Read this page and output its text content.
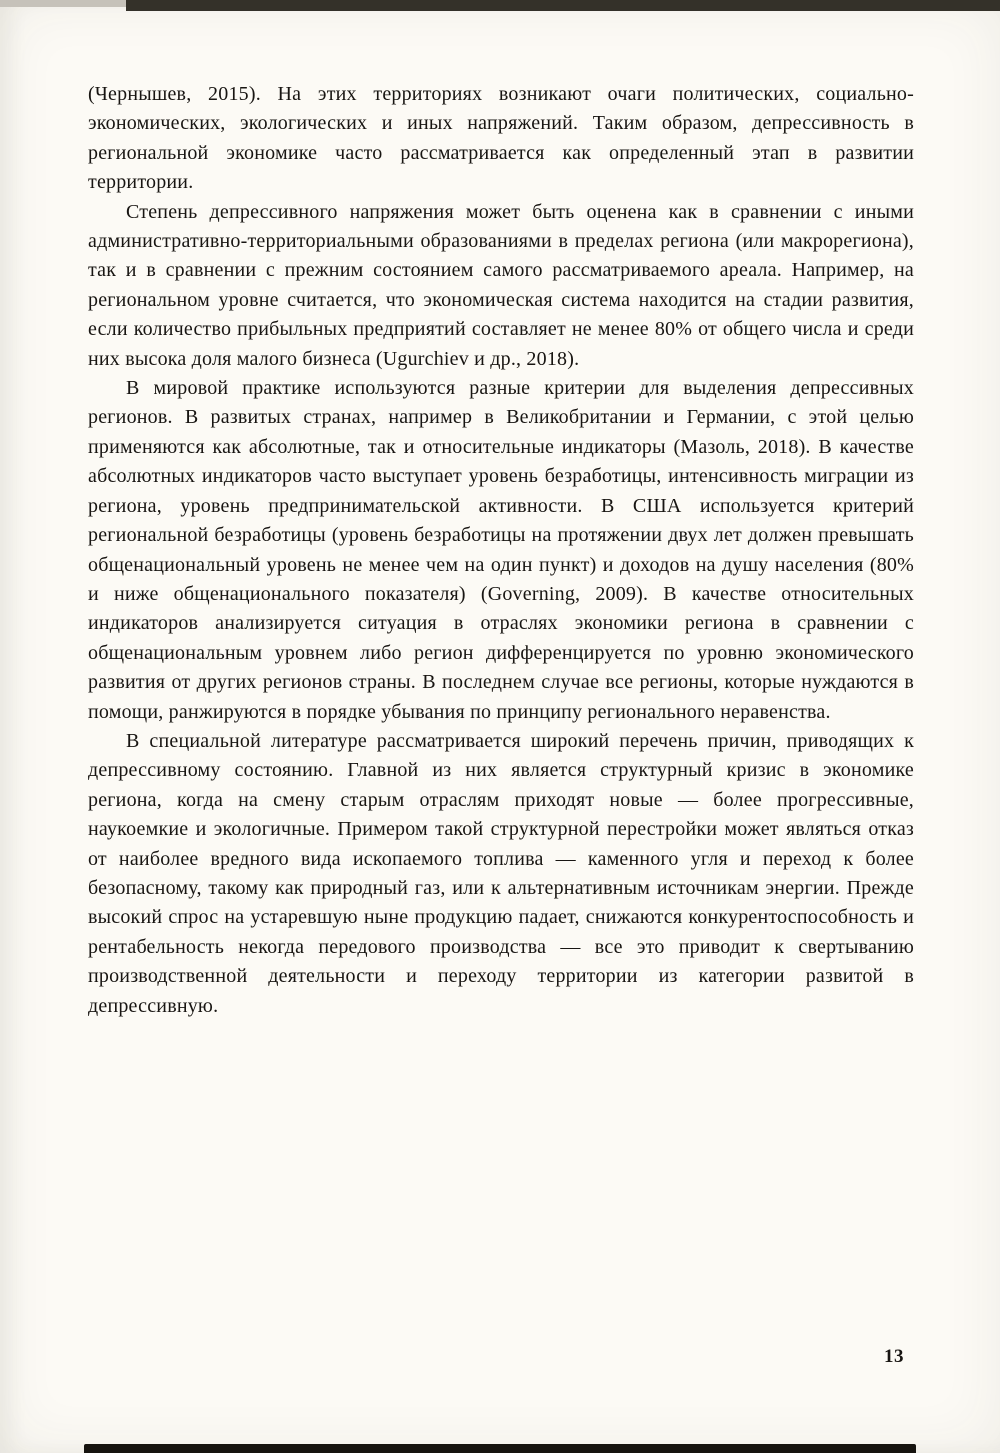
(Чернышев, 2015). На этих территориях возникают очаги политических, социально-экономических, экологических и иных напряжений. Таким образом, депрессивность в региональной экономике часто рассматривается как определенный этап в развитии территории.

Степень депрессивного напряжения может быть оценена как в сравнении с иными административно-территориальными образованиями в пределах региона (или макрорегиона), так и в сравнении с прежним состоянием самого рассматриваемого ареала. Например, на региональном уровне считается, что экономическая система находится на стадии развития, если количество прибыльных предприятий составляет не менее 80% от общего числа и среди них высока доля малого бизнеса (Ugurchiev и др., 2018).

В мировой практике используются разные критерии для выделения депрессивных регионов. В развитых странах, например в Великобритании и Германии, с этой целью применяются как абсолютные, так и относительные индикаторы (Мазоль, 2018). В качестве абсолютных индикаторов часто выступает уровень безработицы, интенсивность миграции из региона, уровень предпринимательской активности. В США используется критерий региональной безработицы (уровень безработицы на протяжении двух лет должен превышать общенациональный уровень не менее чем на один пункт) и доходов на душу населения (80% и ниже общенационального показателя) (Governing, 2009). В качестве относительных индикаторов анализируется ситуация в отраслях экономики региона в сравнении с общенациональным уровнем либо регион дифференцируется по уровню экономического развития от других регионов страны. В последнем случае все регионы, которые нуждаются в помощи, ранжируются в порядке убывания по принципу регионального неравенства.

В специальной литературе рассматривается широкий перечень причин, приводящих к депрессивному состоянию. Главной из них является структурный кризис в экономике региона, когда на смену старым отраслям приходят новые — более прогрессивные, наукоемкие и экологичные. Примером такой структурной перестройки может являться отказ от наиболее вредного вида ископаемого топлива — каменного угля и переход к более безопасному, такому как природный газ, или к альтернативным источникам энергии. Прежде высокий спрос на устаревшую ныне продукцию падает, снижаются конкурентоспособность и рентабельность некогда передового производства — все это приводит к свертыванию производственной деятельности и переходу территории из категории развитой в депрессивную.

13
